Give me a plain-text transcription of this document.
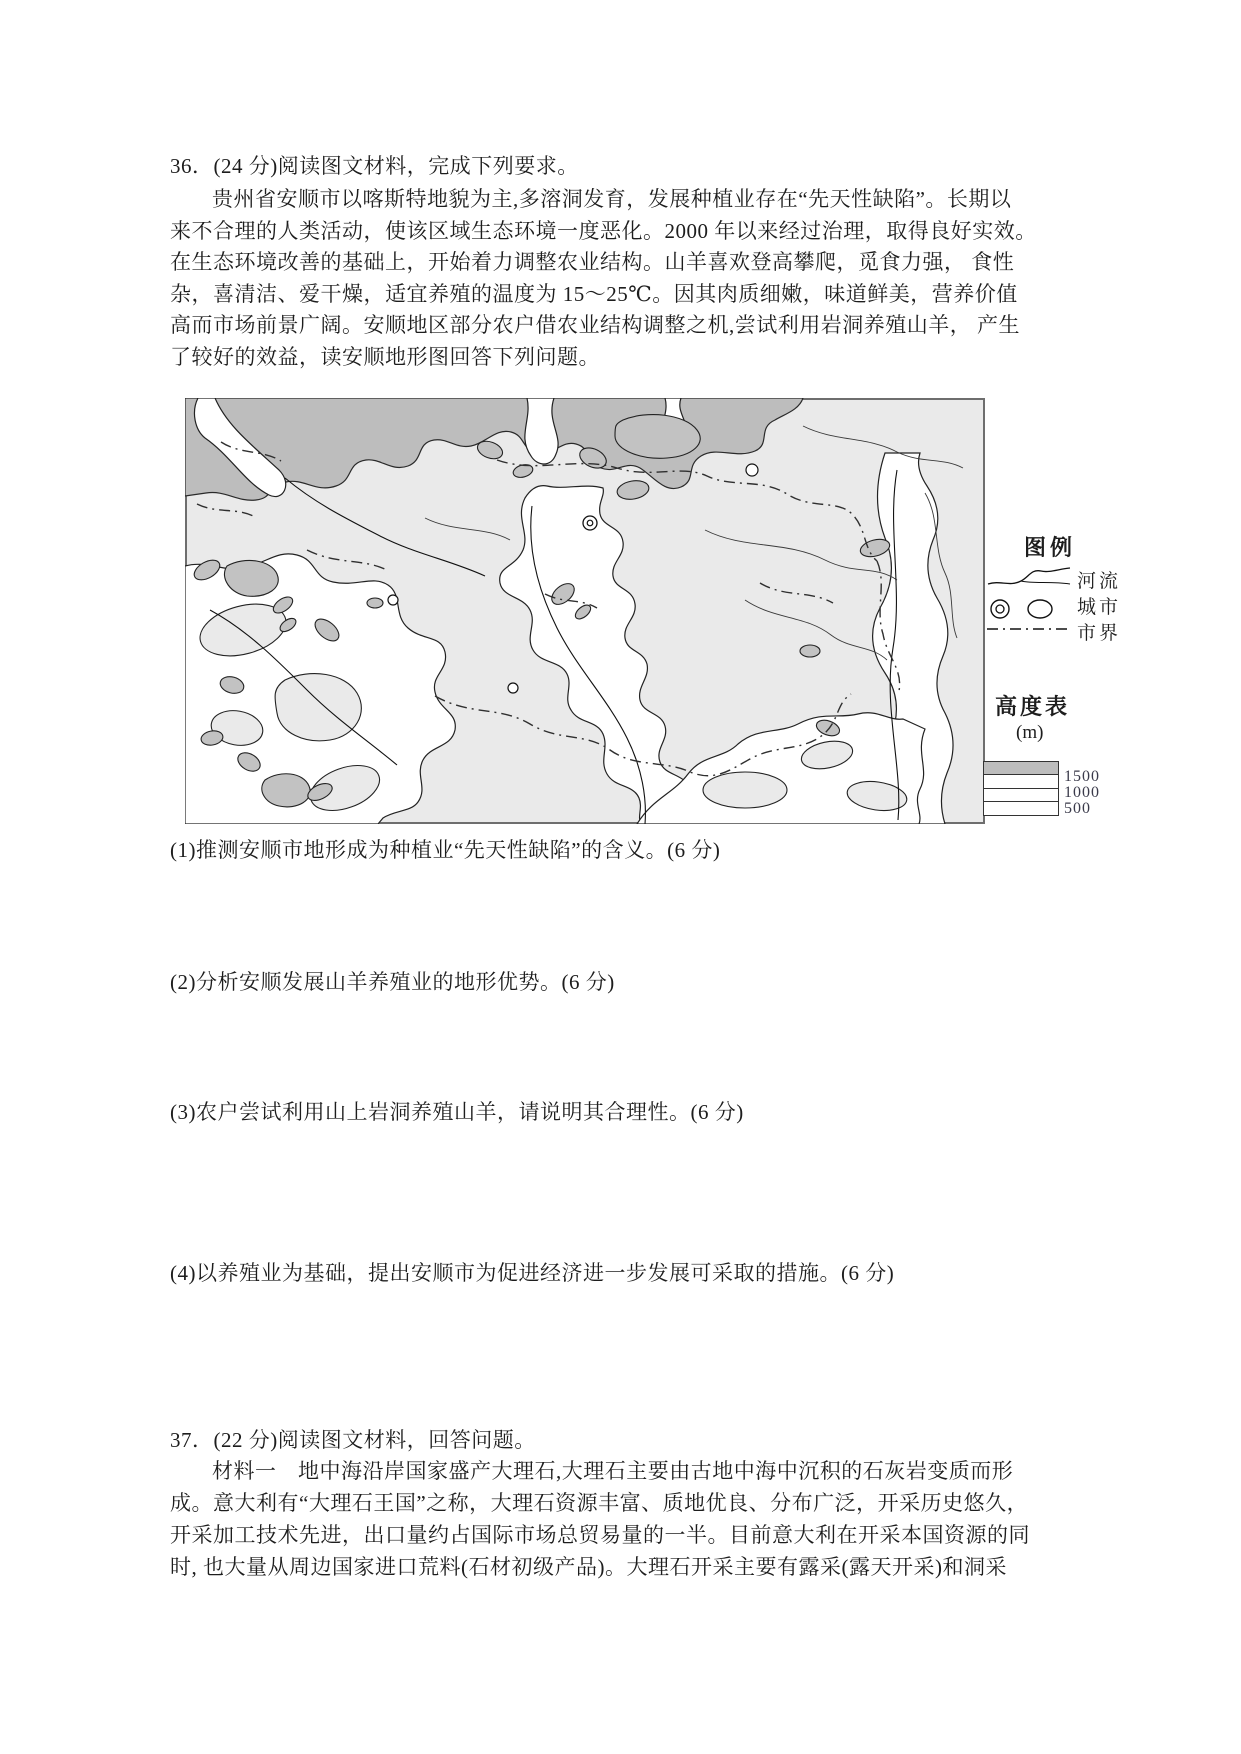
36．(24 分)阅读图文材料，完成下列要求。
贵州省安顺市以喀斯特地貌为主,多溶洞发育，发展种植业存在“先天性缺陷”。长期以
来不合理的人类活动，使该区域生态环境一度恶化。2000 年以来经过治理，取得良好实效。
在生态环境改善的基础上，开始着力调整农业结构。山羊喜欢登高攀爬，觅食力强， 食性
杂，喜清洁、爱干燥，适宜养殖的温度为 15～25℃。因其肉质细嫩，味道鲜美，营养价值
高而市场前景广阔。安顺地区部分农户借农业结构调整之机,尝试利用岩洞养殖山羊， 产生
了较好的效益，读安顺地形图回答下列问题。
图例
河流
城市
市界
高度表
(m)
1500
1000
500
(1)推测安顺市地形成为种植业“先天性缺陷”的含义。(6 分)
(2)分析安顺发展山羊养殖业的地形优势。(6 分)
(3)农户尝试利用山上岩洞养殖山羊，请说明其合理性。(6 分)
(4)以养殖业为基础，提出安顺市为促进经济进一步发展可采取的措施。(6 分)
37．(22 分)阅读图文材料，回答问题。
材料一　地中海沿岸国家盛产大理石,大理石主要由古地中海中沉积的石灰岩变质而形
成。意大利有“大理石王国”之称，大理石资源丰富、质地优良、分布广泛，开采历史悠久，
开采加工技术先进，出口量约占国际市场总贸易量的一半。目前意大利在开采本国资源的同
时, 也大量从周边国家进口荒料(石材初级产品)。大理石开采主要有露采(露天开采)和洞采
